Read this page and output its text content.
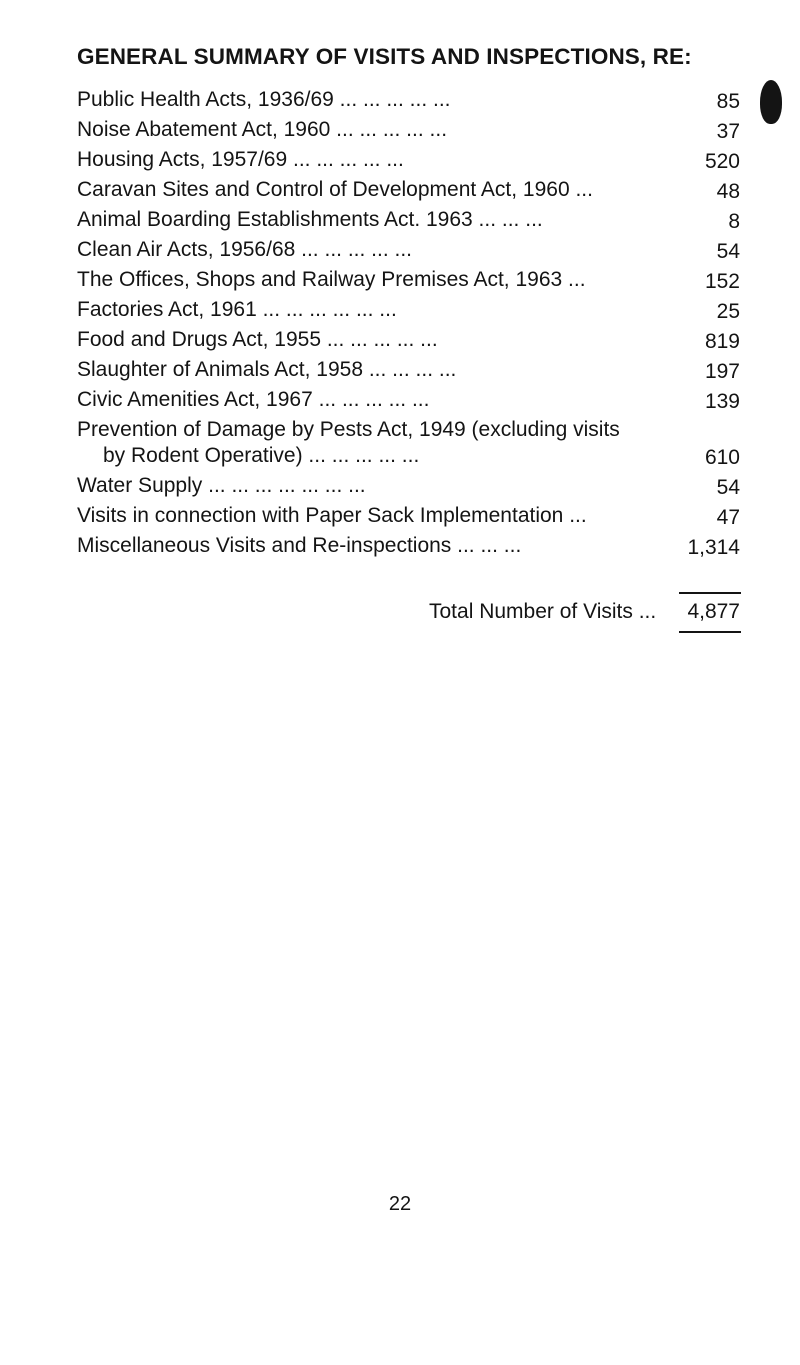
GENERAL SUMMARY OF VISITS AND INSPECTIONS, RE:
Public Health Acts, 1936/69 ... ... ... ... ...	85
Noise Abatement Act, 1960 ... ... ... ... ...	37
Housing Acts, 1957/69 ... ... ... ... ...	520
Caravan Sites and Control of Development Act, 1960 ...	48
Animal Boarding Establishments Act. 1963 ... ... ...	8
Clean Air Acts, 1956/68 ... ... ... ... ...	54
The Offices, Shops and Railway Premises Act, 1963 ...	152
Factories Act, 1961 ... ... ... ... ... ...	25
Food and Drugs Act, 1955 ... ... ... ... ...	819
Slaughter of Animals Act, 1958 ... ... ... ...	197
Civic Amenities Act, 1967 ... ... ... ... ...	139
Prevention of Damage by Pests Act, 1949 (excluding visits
by Rodent Operative) ... ... ... ... ...	610
Water Supply ... ... ... ... ... ... ...	54
Visits in connection with Paper Sack Implementation ...	47
Miscellaneous Visits and Re-inspections ... ... ...	1,314
Total Number of Visits ... 4,877
22
